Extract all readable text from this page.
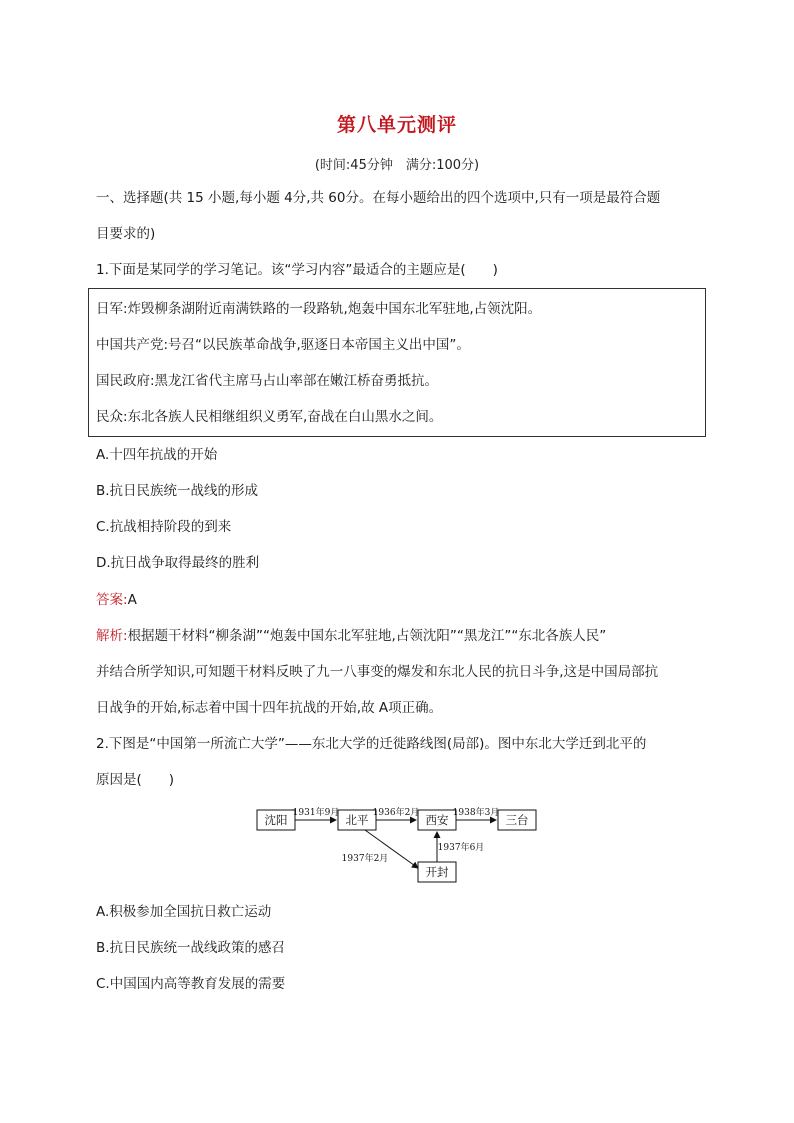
第八单元测评
(时间:45分钟　满分:100分)
一、选择题(共 15 小题,每小题 4分,共 60分。在每小题给出的四个选项中,只有一项是最符合题
目要求的)
1.下面是某同学的学习笔记。该“学习内容”最适合的主题应是(　　)
日军:炸毁柳条湖附近南满铁路的一段路轨,炮轰中国东北军驻地,占领沈阳。
中国共产党:号召“以民族革命战争,驱逐日本帝国主义出中国”。
国民政府:黑龙江省代主席马占山率部在嫩江桥奋勇抵抗。
民众:东北各族人民相继组织义勇军,奋战在白山黑水之间。
A.十四年抗战的开始
B.抗日民族统一战线的形成
C.抗战相持阶段的到来
D.抗日战争取得最终的胜利
答案:A
解析:根据题干材料“柳条湖”“炮轰中国东北军驻地,占领沈阳”“黑龙江”“东北各族人民”
并结合所学知识,可知题干材料反映了九一八事变的爆发和东北人民的抗日斗争,这是中国局部抗
日战争的开始,标志着中国十四年抗战的开始,故 A项正确。
2.下图是“中国第一所流亡大学”——东北大学的迁徙路线图(局部)。图中东北大学迁到北平的
原因是(　　)
沈阳	北平	西安	三台
开封
1931年9月	1936年2月	1938年3月
1937年2月
1937年6月
A.积极参加全国抗日救亡运动
B.抗日民族统一战线政策的感召
C.中国国内高等教育发展的需要
